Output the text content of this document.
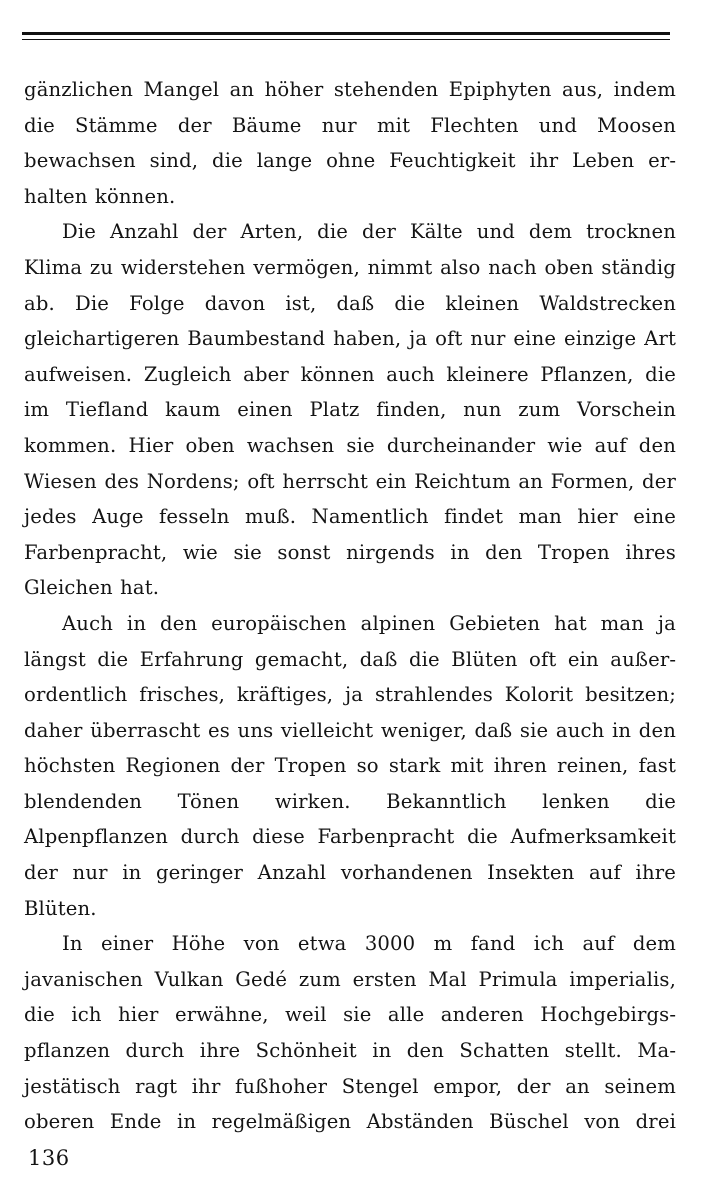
gänzlichen Mangel an höher stehenden Epiphyten aus, indem die Stämme der Bäume nur mit Flechten und Moosen bewachsen sind, die lange ohne Feuchtigkeit ihr Leben erhalten können.

Die Anzahl der Arten, die der Kälte und dem trocknen Klima zu widerstehen vermögen, nimmt also nach oben ständig ab. Die Folge davon ist, daß die kleinen Waldstrecken gleichartigeren Baumbestand haben, ja oft nur eine einzige Art aufweisen. Zugleich aber können auch kleinere Pflanzen, die im Tiefland kaum einen Platz finden, nun zum Vorschein kommen. Hier oben wachsen sie durcheinander wie auf den Wiesen des Nordens; oft herrscht ein Reichtum an Formen, der jedes Auge fesseln muß. Namentlich findet man hier eine Farbenpracht, wie sie sonst nirgends in den Tropen ihres Gleichen hat.

Auch in den europäischen alpinen Gebieten hat man ja längst die Erfahrung gemacht, daß die Blüten oft ein außerordentlich frisches, kräftiges, ja strahlendes Kolorit besitzen; daher überrascht es uns vielleicht weniger, daß sie auch in den höchsten Regionen der Tropen so stark mit ihren reinen, fast blendenden Tönen wirken. Bekanntlich lenken die Alpenpflanzen durch diese Farbenpracht die Aufmerksamkeit der nur in geringer Anzahl vorhandenen Insekten auf ihre Blüten.

In einer Höhe von etwa 3000 m fand ich auf dem javanischen Vulkan Gedé zum ersten Mal Primula imperialis, die ich hier erwähne, weil sie alle anderen Hochgebirgspflanzen durch ihre Schönheit in den Schatten stellt. Majestätisch ragt ihr fußhoher Stengel empor, der an seinem oberen Ende in regelmäßigen Abständen Büschel von drei

136
